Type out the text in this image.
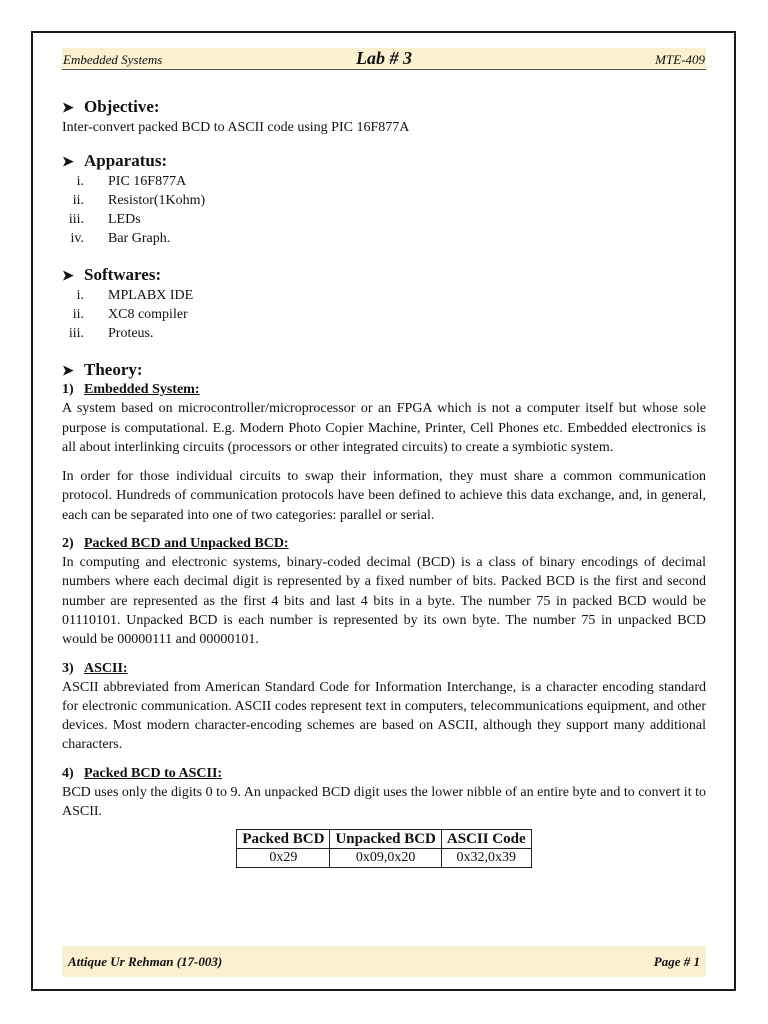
Embedded Systems	Lab # 3	MTE-409

➤ Objective:

Inter-convert packed BCD to ASCII code using PIC 16F877A

➤ Apparatus:

i. PIC 16F877A
ii. Resistor(1Kohm)
iii. LEDs
iv. Bar Graph.

➤ Softwares:

i. MPLABX IDE
ii. XC8 compiler
iii. Proteus.

➤ Theory:

1) Embedded System:

A system based on microcontroller/microprocessor or an FPGA which is not a computer itself but whose sole purpose is computational. E.g. Modern Photo Copier Machine, Printer, Cell Phones etc. Embedded electronics is all about interlinking circuits (processors or other integrated circuits) to create a symbiotic system.

In order for those individual circuits to swap their information, they must share a common communication protocol. Hundreds of communication protocols have been defined to achieve this data exchange, and, in general, each can be separated into one of two categories: parallel or serial.

2) Packed BCD and Unpacked BCD:

In computing and electronic systems, binary-coded decimal (BCD) is a class of binary encodings of decimal numbers where each decimal digit is represented by a fixed number of bits. Packed BCD is the first and second number are represented as the first 4 bits and last 4 bits in a byte. The number 75 in packed BCD would be 01110101. Unpacked BCD is each number is represented by its own byte. The number 75 in unpacked BCD would be 00000111 and 00000101.

3) ASCII:

ASCII abbreviated from American Standard Code for Information Interchange, is a character encoding standard for electronic communication. ASCII codes represent text in computers, telecommunications equipment, and other devices. Most modern character-encoding schemes are based on ASCII, although they support many additional characters.

4) Packed BCD to ASCII:

BCD uses only the digits 0 to 9. An unpacked BCD digit uses the lower nibble of an entire byte and to convert it to ASCII.

Packed BCD	Unpacked BCD	ASCII Code
0x29	0x09,0x20	0x32,0x39
Attique Ur Rehman (17-003)	Page # 1
